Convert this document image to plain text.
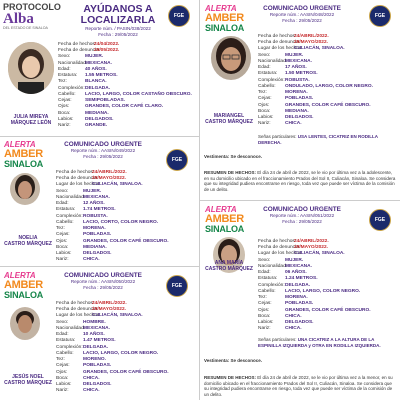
PROTOCOLO
Alba
DEL ESTADO DE SINALOA
AYÚDANOS A LOCALIZARLA
Reporte núm. / PASIN/038/2022
Fecha : 29/05/2022
FGE
JULIA MIREYA
MÁRQUEZ LEÓN
Fecha de hechos:
24/04/2022.
Fecha de denuncia:
29/05/2022.
Sexo:	MUJER.
Nacionalidad:
MEXICANA.
Edad:	40 AÑOS.
Estatura:	1.55 METROS.
Tez:	BLANCA.
Complexión: DELGADA.
Cabello:	LACIO, LARGO, COLOR CASTAÑO OBSCURO.
Cejas:	SEMIPOBLADAS.
Ojos:	GRANDES, COLOR CAFÉ CLARO.
Boca:	MEDIANA.
Labios:	DELGADOS.
Nariz:	GRANDE.
ALERTA
AMBER
SINALOA
COMUNICADO URGENTE
Reporte núm.: AASIN/048/2022
Fecha : 29/05/2022
FGE
MARIANGEL
CASTRO MÁRQUEZ
Fecha de hechos:
24/ABRIL/2022.
Fecha de denuncia:
29/MAYO/2022.
Lugar de los hechos:
CULIACÁN, SINALOA.
Sexo:	MUJER.
Nacionalidad:
MEXICANA.
Edad:	17 AÑOS.
Estatura:	1.50 METROS.
Complexión: ROBUSTA.
Cabello:	ONDULADO, LARGO, COLOR NEGRO.
Tez:	MORENA.
Cejas:	POBLADAS.
Ojos:	GRANDES, COLOR CAFÉ OBSCURO.
Boca:	MEDIANA.
Labios:	DELGADOS.
Nariz:	CHICA.
Señas particulares: USA LENTES, CICATRIZ EN RODILLA DERECHA.
Vestimenta: Se desconoce.
RESUMEN DE HECHOS: El día 24 de abril de 2022, se le vio por última vez a la adolescente, en su domicilio ubicado en el fraccionamiento Prados del Sol II, Culiacán, Sinaloa. Se considera que su integridad pudiera encontrarse en riesgo, toda vez que puede ser víctima de la comisión de un delito.
ALERTA
AMBER
SINALOA
COMUNICADO URGENTE
Reporte núm.: AASIN/049/2022
Fecha : 29/05/2022
FGE
NOELIA
CASTRO MÁRQUEZ
Fecha de hechos:
24/ABRIL/2022.
Fecha de denuncia:
29/MAYO/2022.
Lugar de los hechos:
CULIACÁN, SINALOA.
Sexo:	MUJER.
Nacionalidad:
MEXICANA.
Edad:	12 AÑOS.
Estatura:	1.74 METROS.
Complexión: ROBUSTA.
Cabello:	LACIO, CORTO, COLOR NEGRO.
Tez:	MORENA.
Cejas:	POBLADAS.
Ojos:	GRANDES, COLOR CAFÉ OBSCURO.
Boca:	MEDIANA.
Labios:	DELGADOS.
Nariz:	CHICA.
ALERTA
AMBER
SINALOA
COMUNICADO URGENTE
Reporte núm.: AASIN/051/2022
Fecha : 29/05/2022	FGE
ANA MARÍA
CASTRO MÁRQUEZ
Fecha de hechos:
24/ABRIL/2022.
Fecha de denuncia:
29/MAYO/2022.
Lugar de los hechos:
CULIACÁN, SINALOA.
Sexo:	MUJER.
Nacionalidad:
MEXICANA.
Edad:	06 AÑOS.
Estatura:	1.24 METROS.
Complexión: DELGADA.
Cabello:	LACIO, LARGO, COLOR NEGRO.
Tez:	MORENA.
Cejas:	POBLADAS.
Ojos:	GRANDES, COLOR CAFÉ OBSCURO.
Boca:	CHICA.
Labios:	DELGADOS.
Nariz:	CHICA.
Señas particulares: UNA CICATRIZ A LA ALTURA DE LA ESPINILLA IZQUIERDA y OTRA EN RODILLA IZQUIERDA.
Vestimenta: Se desconoce.
RESUMEN DE HECHOS: El día 24 de abril de 2022, se le vio por última vez a la menor, en su domicilio ubicado en el fraccionamiento Prados del Sol II, Culiacán, Sinaloa. Se considera que su integridad pudiera encontrarse en riesgo, toda vez que puede ser víctima de la comisión de un delito.
ALERTA
AMBER
SINALOA
COMUNICADO URGENTE
Reporte núm.: AASIN/050/2022
Fecha : 29/05/2022	FGE
JESÚS NOEL
CASTRO MÁRQUEZ
Fecha de hechos:
24/ABRIL/2022.
Fecha de denuncia:
29/MAYO/2022.
Lugar de los hechos:
CULIACÁN, SINALOA.
Sexo:	HOMBRE.
Nacionalidad:
MEXICANA.
Edad:	10 AÑOS.
Estatura:	1.47 METROS.
Complexión: DELGADA.
Cabello:	LACIO, LARGO, COLOR NEGRO.
Tez:	MORENO.
Cejas:	POBLADAS.
Ojos:	GRANDES, COLOR CAFÉ OBSCURO.
Boca:	CHICA.
Labios:	DELGADOS.
Nariz:	CHICA.
